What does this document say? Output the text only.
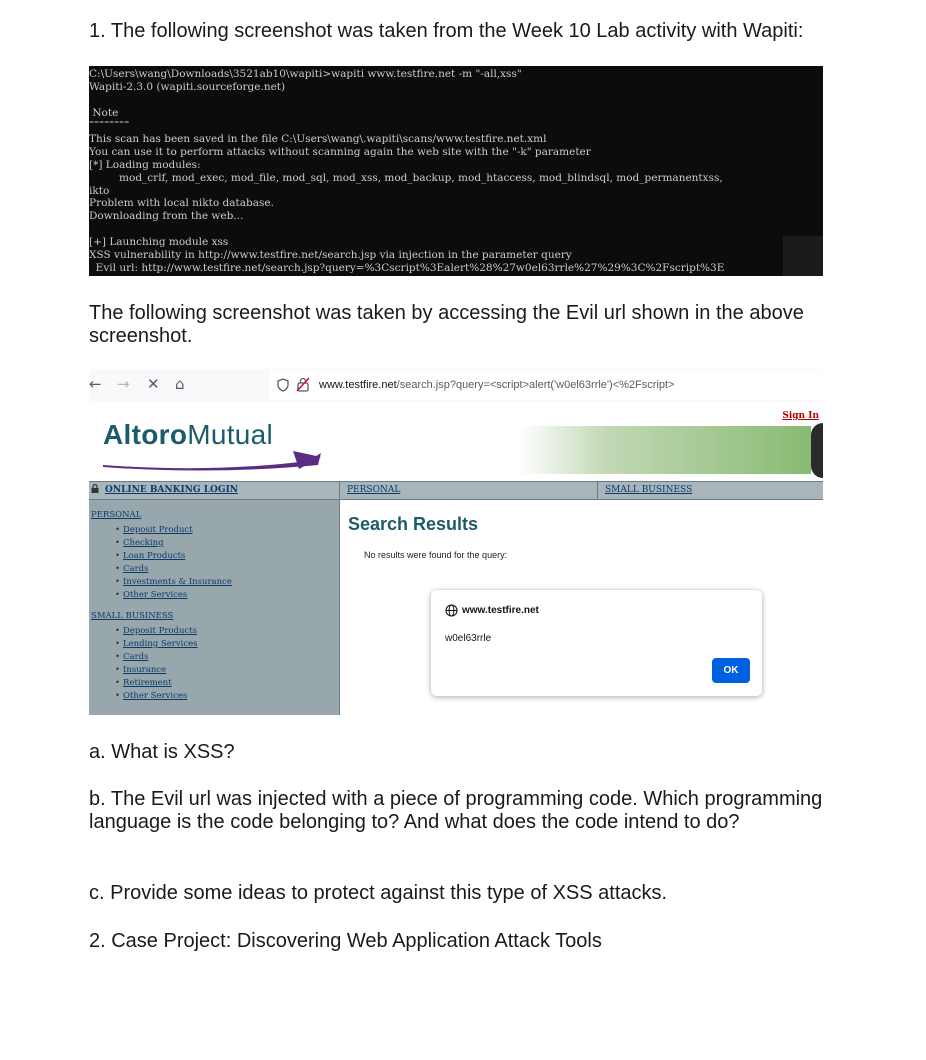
1. The following screenshot was taken from the Week 10 Lab activity with Wapiti:

C:\Users\wang\Downloads\3521ab10\wapiti>wapiti www.testfire.net -m "-all,xss"
Wapiti-2.3.0 (wapiti.sourceforge.net)
Note
========
This scan has been saved in the file C:\Users\wang\.wapiti\scans/www.testfire.net.xml
You can use it to perform attacks without scanning again the web site with the "-k" parameter
[*] Loading modules:
mod_crlf, mod_exec, mod_file, mod_sql, mod_xss, mod_backup, mod_htaccess, mod_blindsql, mod_permanentxss,
ikto
Problem with local nikto database.
Downloading from the web...
[+] Launching module xss
XSS vulnerability in http://www.testfire.net/search.jsp via injection in the parameter query
Evil url: http://www.testfire.net/search.jsp?query=%3Cscript%3Ealert%28%27w0el63rrle%27%29%3C%2Fscript%3E

The following screenshot was taken by accessing the Evil url shown in the above screenshot.

← → ✕ ⌂	www.testfire.net/search.jsp?query=<script>alert('w0el63rrle')<%2Fscript>
AltoroMutual
Sign In
ONLINE BANKING LOGIN	PERSONAL	SMALL BUSINESS
PERSONAL
• Deposit Product
• Checking
• Loan Products
• Cards
• Investments & Insurance
• Other Services
SMALL BUSINESS
• Deposit Products
• Lending Services
• Cards
• Insurance
• Retirement
• Other Services
Search Results
No results were found for the query:
www.testfire.net
w0el63rrle
OK

a. What is XSS?

b. The Evil url was injected with a piece of programming code. Which programming language is the code belonging to? And what does the code intend to do?

c. Provide some ideas to protect against this type of XSS attacks.

2. Case Project: Discovering Web Application Attack Tools
